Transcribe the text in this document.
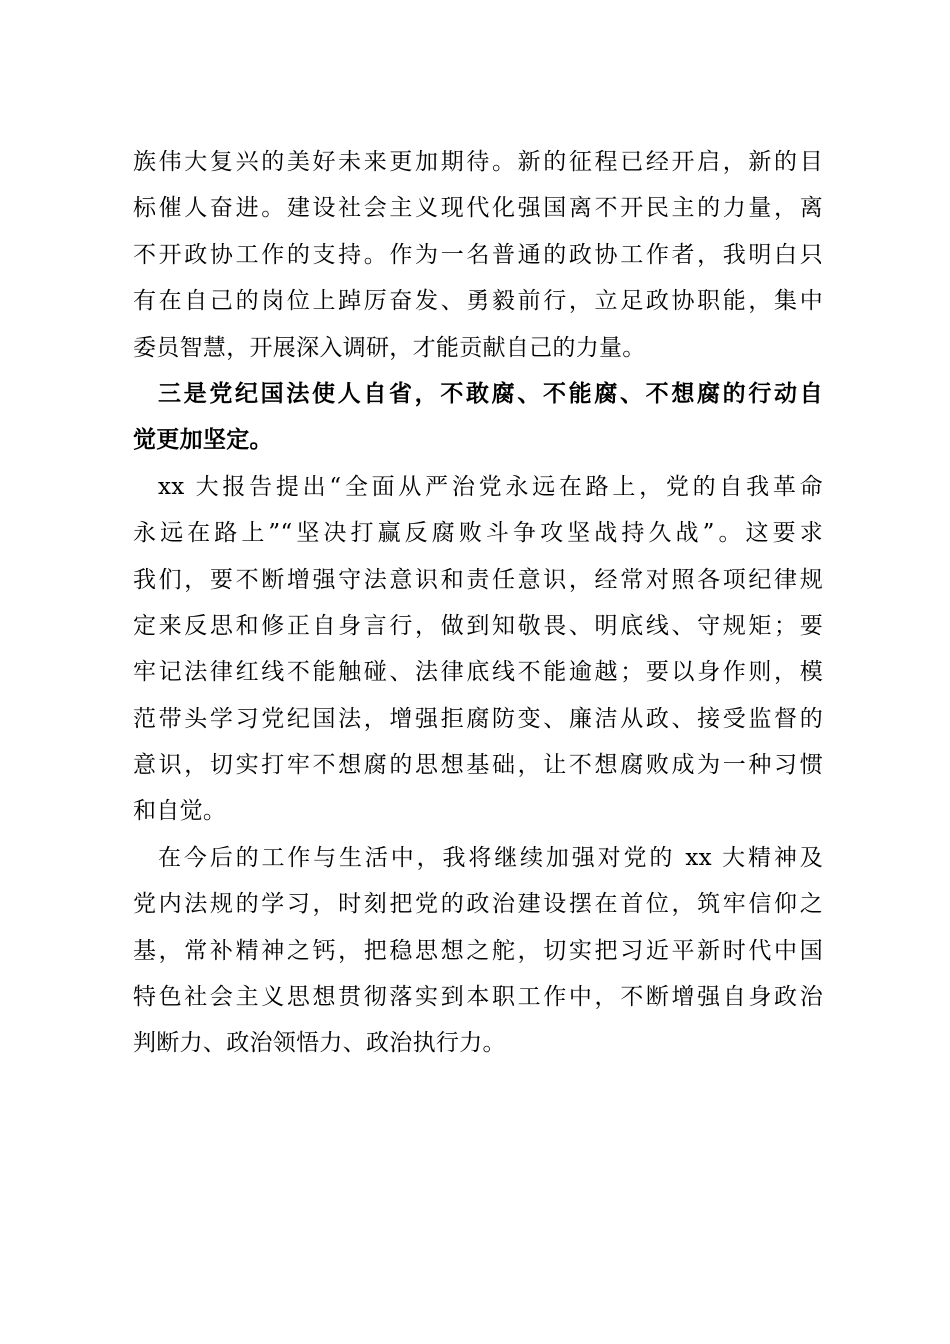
族伟大复兴的美好未来更加期待。新的征程已经开启，新的目
标催人奋进。建设社会主义现代化强国离不开民主的力量，离
不开政协工作的支持。作为一名普通的政协工作者，我明白只
有在自己的岗位上踔厉奋发、勇毅前行，立足政协职能，集中
委员智慧，开展深入调研，才能贡献自己的力量。
三是党纪国法使人自省，不敢腐、不能腐、不想腐的行动自
觉更加坚定。
xx 大报告提出“全面从严治党永远在路上，党的自我革命
永远在路上”“坚决打赢反腐败斗争攻坚战持久战”。这要求
我们，要不断增强守法意识和责任意识，经常对照各项纪律规
定来反思和修正自身言行，做到知敬畏、明底线、守规矩；要
牢记法律红线不能触碰、法律底线不能逾越；要以身作则，模
范带头学习党纪国法，增强拒腐防变、廉洁从政、接受监督的
意识，切实打牢不想腐的思想基础，让不想腐败成为一种习惯
和自觉。
在今后的工作与生活中，我将继续加强对党的 xx 大精神及
党内法规的学习，时刻把党的政治建设摆在首位，筑牢信仰之
基，常补精神之钙，把稳思想之舵，切实把习近平新时代中国
特色社会主义思想贯彻落实到本职工作中，不断增强自身政治
判断力、政治领悟力、政治执行力。
